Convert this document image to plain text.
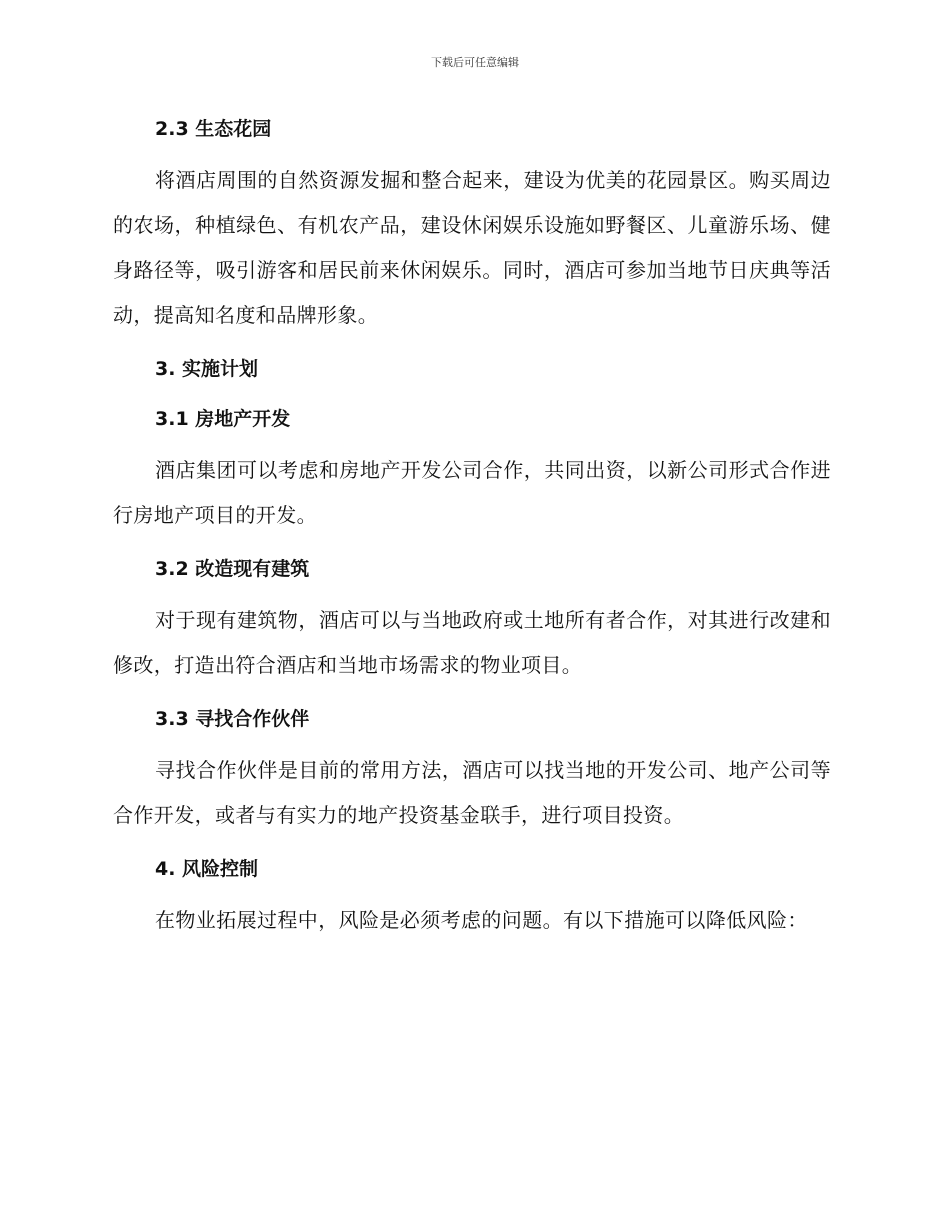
下载后可任意编辑
2.3 生态花园

将酒店周围的自然资源发掘和整合起来，建设为优美的花园景区。购买周边的农场，种植绿色、有机农产品，建设休闲娱乐设施如野餐区、儿童游乐场、健身路径等，吸引游客和居民前来休闲娱乐。同时，酒店可参加当地节日庆典等活动，提高知名度和品牌形象。

3. 实施计划
3.1 房地产开发

酒店集团可以考虑和房地产开发公司合作，共同出资，以新公司形式合作进行房地产项目的开发。

3.2 改造现有建筑

对于现有建筑物，酒店可以与当地政府或土地所有者合作，对其进行改建和修改，打造出符合酒店和当地市场需求的物业项目。

3.3 寻找合作伙伴

寻找合作伙伴是目前的常用方法，酒店可以找当地的开发公司、地产公司等合作开发，或者与有实力的地产投资基金联手，进行项目投资。

4. 风险控制

在物业拓展过程中，风险是必须考虑的问题。有以下措施可以降低风险：
